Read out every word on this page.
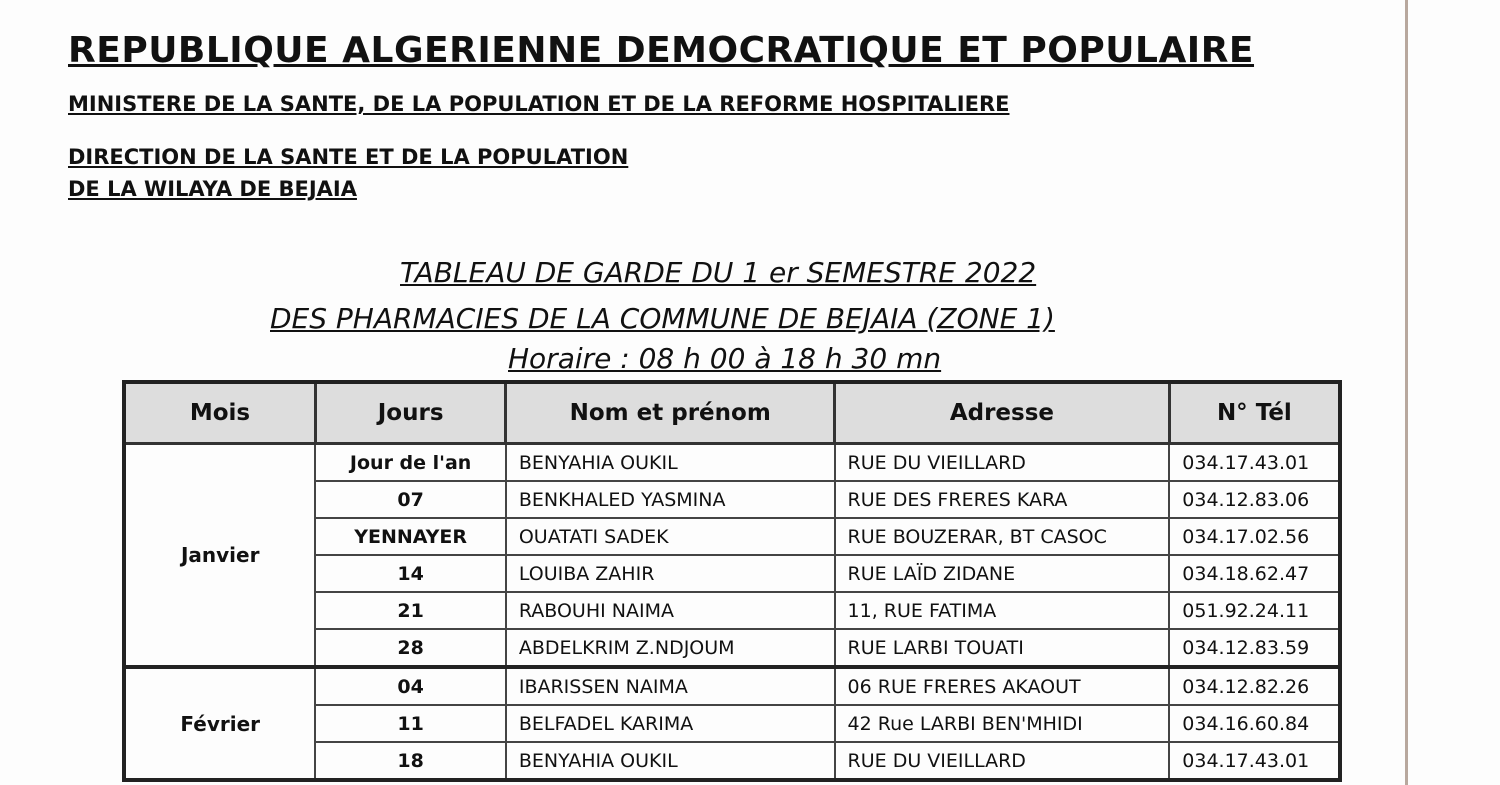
REPUBLIQUE ALGERIENNE DEMOCRATIQUE ET POPULAIRE
MINISTERE DE LA SANTE, DE LA POPULATION ET DE LA REFORME HOSPITALIERE
DIRECTION DE LA SANTE ET DE LA POPULATION
DE LA WILAYA DE BEJAIA
TABLEAU DE GARDE DU 1 er SEMESTRE 2022
DES PHARMACIES DE LA COMMUNE DE BEJAIA (ZONE 1)
Horaire : 08 h 00 à 18 h 30 mn
Mois	Jours	Nom et prénom	Adresse	N° Tél
Janvier	Jour de l'an	BENYAHIA OUKIL	RUE DU VIEILLARD	034.17.43.01
	07	BENKHALED YASMINA	RUE DES FRERES KARA	034.12.83.06
	YENNAYER	OUATATI SADEK	RUE BOUZERAR, BT CASOC	034.17.02.56
	14	LOUIBA ZAHIR	RUE LAÏD ZIDANE	034.18.62.47
	21	RABOUHI NAIMA	11, RUE FATIMA	051.92.24.11
	28	ABDELKRIM Z.NDJOUM	RUE LARBI TOUATI	034.12.83.59
Février	04	IBARISSEN NAIMA	06 RUE FRERES AKAOUT	034.12.82.26
	11	BELFADEL KARIMA	42 Rue LARBI BEN'MHIDI	034.16.60.84
	18	BENYAHIA OUKIL	RUE DU VIEILLARD	034.17.43.01
